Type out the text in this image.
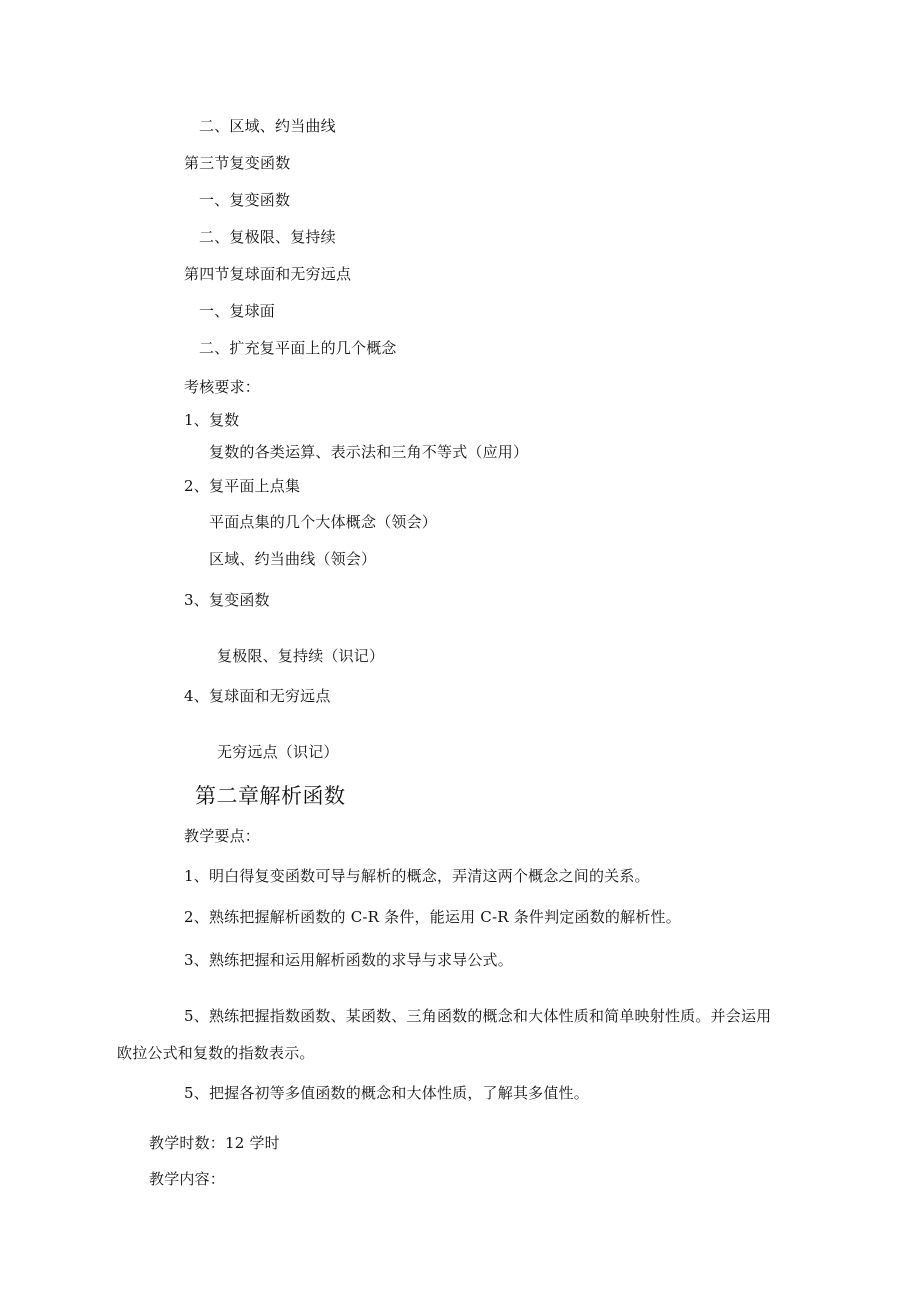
二、区域、约当曲线
第三节复变函数
一、复变函数
二、复极限、复持续
第四节复球面和无穷远点
一、复球面
二、扩充复平面上的几个概念
考核要求：
1、复数
复数的各类运算、表示法和三角不等式（应用）
2、复平面上点集
平面点集的几个大体概念（领会）
区域、约当曲线（领会）
3、复变函数
复极限、复持续（识记）
4、复球面和无穷远点
无穷远点（识记）
第二章解析函数
教学要点：
1、明白得复变函数可导与解析的概念，弄清这两个概念之间的关系。
2、熟练把握解析函数的 C-R 条件，能运用 C-R 条件判定函数的解析性。
3、熟练把握和运用解析函数的求导与求导公式。
5、熟练把握指数函数、某函数、三角函数的概念和大体性质和简单映射性质。并会运用
欧拉公式和复数的指数表示。
5、把握各初等多值函数的概念和大体性质，了解其多值性。
教学时数：12 学时
教学内容：
